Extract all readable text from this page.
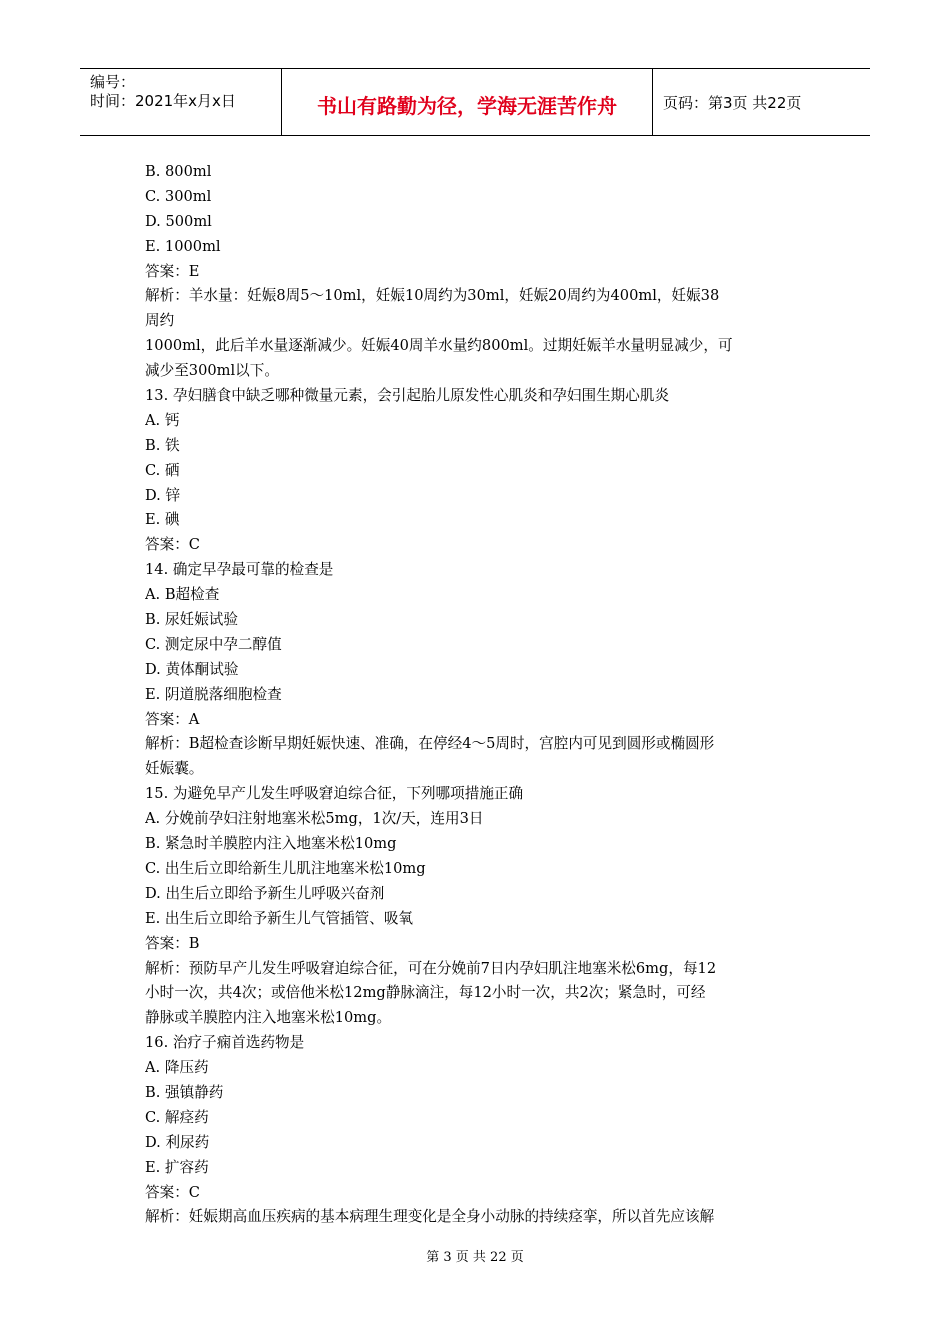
编号：
时间：2021年x月x日	书山有路勤为径，学海无涯苦作舟	页码：第3页 共22页
B. 800ml
C. 300ml
D. 500ml
E. 1000ml
答案：E
解析：羊水量：妊娠8周5～10ml，妊娠10周约为30ml，妊娠20周约为400ml，妊娠38
周约
1000ml，此后羊水量逐渐减少。妊娠40周羊水量约800ml。过期妊娠羊水量明显减少，可
减少至300ml以下。
13. 孕妇膳食中缺乏哪种微量元素，会引起胎儿原发性心肌炎和孕妇围生期心肌炎
A. 钙
B. 铁
C. 硒
D. 锌
E. 碘
答案：C
14. 确定早孕最可靠的检查是
A. B超检查
B. 尿妊娠试验
C. 测定尿中孕二醇值
D. 黄体酮试验
E. 阴道脱落细胞检查
答案：A
解析：B超检查诊断早期妊娠快速、准确，在停经4～5周时，宫腔内可见到圆形或椭圆形
妊娠囊。
15. 为避免早产儿发生呼吸窘迫综合征，下列哪项措施正确
A. 分娩前孕妇注射地塞米松5mg，1次/天，连用3日
B. 紧急时羊膜腔内注入地塞米松10mg
C. 出生后立即给新生儿肌注地塞米松10mg
D. 出生后立即给予新生儿呼吸兴奋剂
E. 出生后立即给予新生儿气管插管、吸氧
答案：B
解析：预防早产儿发生呼吸窘迫综合征，可在分娩前7日内孕妇肌注地塞米松6mg，每12
小时一次，共4次；或倍他米松12mg静脉滴注，每12小时一次，共2次；紧急时，可经
静脉或羊膜腔内注入地塞米松10mg。
16. 治疗子痫首选药物是
A. 降压药
B. 强镇静药
C. 解痉药
D. 利尿药
E. 扩容药
答案：C
解析：妊娠期高血压疾病的基本病理生理变化是全身小动脉的持续痉挛，所以首先应该解
第 3 页 共 22 页
